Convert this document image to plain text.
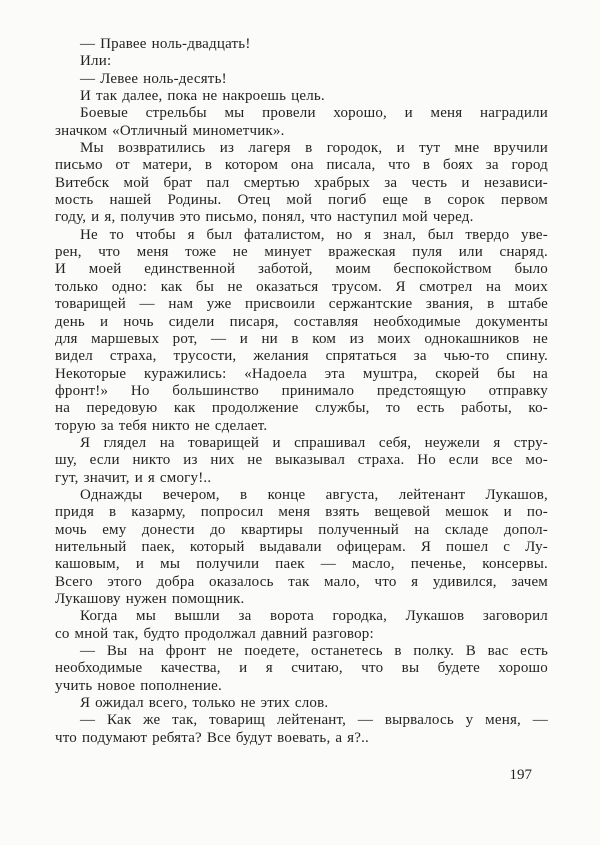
— Правее ноль-двадцать!
Или:
— Левее ноль-десять!
И так далее, пока не накроешь цель.
Боевые стрельбы мы провели хорошо, и меня наградили
значком «Отличный минометчик».
Мы возвратились из лагеря в городок, и тут мне вручили
письмо от матери, в котором она писала, что в боях за город
Витебск мой брат пал смертью храбрых за честь и независи-
мость нашей Родины. Отец мой погиб еще в сорок первом
году, и я, получив это письмо, понял, что наступил мой черед.
Не то чтобы я был фаталистом, но я знал, был твердо уве-
рен, что меня тоже не минует вражеская пуля или снаряд.
И моей единственной заботой, моим беспокойством было
только одно: как бы не оказаться трусом. Я смотрел на моих
товарищей — нам уже присвоили сержантские звания, в штабе
день и ночь сидели писаря, составляя необходимые документы
для маршевых рот, — и ни в ком из моих однокашников не
видел страха, трусости, желания спрятаться за чью-то спину.
Некоторые куражились: «Надоела эта муштра, скорей бы на
фронт!» Но большинство принимало предстоящую отправку
на передовую как продолжение службы, то есть работы, ко-
торую за тебя никто не сделает.
Я глядел на товарищей и спрашивал себя, неужели я стру-
шу, если никто из них не выказывал страха. Но если все мо-
гут, значит, и я смогу!..
Однажды вечером, в конце августа, лейтенант Лукашов,
придя в казарму, попросил меня взять вещевой мешок и по-
мочь ему донести до квартиры полученный на складе допол-
нительный паек, который выдавали офицерам. Я пошел с Лу-
кашовым, и мы получили паек — масло, печенье, консервы.
Всего этого добра оказалось так мало, что я удивился, зачем
Лукашову нужен помощник.
Когда мы вышли за ворота городка, Лукашов заговорил
со мной так, будто продолжал давний разговор:
— Вы на фронт не поедете, останетесь в полку. В вас есть
необходимые качества, и я считаю, что вы будете хорошо
учить новое пополнение.
Я ожидал всего, только не этих слов.
— Как же так, товарищ лейтенант, — вырвалось у меня, —
что подумают ребята? Все будут воевать, а я?..
197
